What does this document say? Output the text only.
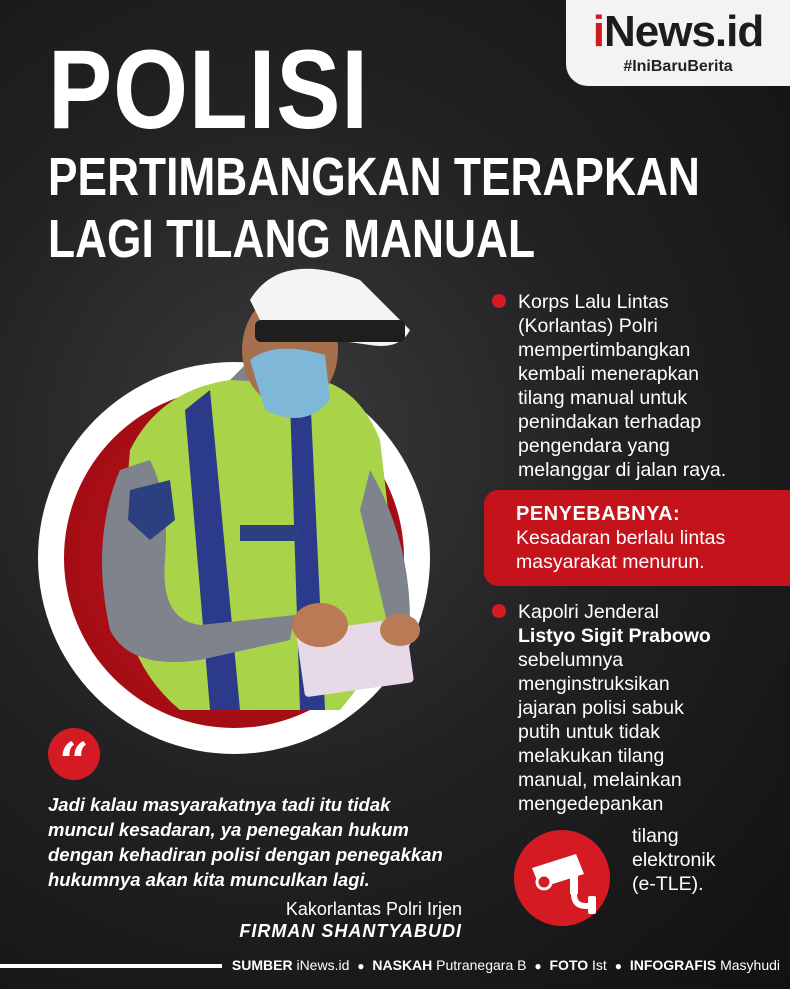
POLISI
PERTIMBANGKAN TERAPKAN
LAGI TILANG MANUAL
iNews.id
#IniBaruBerita
Korps Lalu Lintas
(Korlantas) Polri
mempertimbangkan
kembali menerapkan
tilang manual untuk
penindakan terhadap
pengendara yang
melanggar di jalan raya.
PENYEBABNYA:
Kesadaran berlalu lintas
masyarakat menurun.
Kapolri Jenderal
Listyo Sigit Prabowo
sebelumnya
menginstruksikan
jajaran polisi sabuk
putih untuk tidak
melakukan tilang
manual, melainkan
mengedepankan
tilang
elektronik
(e-TLE).
“
Jadi kalau masyarakatnya tadi itu tidak
muncul kesadaran, ya penegakan hukum
dengan kehadiran polisi dengan penegakkan
hukumnya akan kita munculkan lagi.
Kakorlantas Polri Irjen
FIRMAN SHANTYABUDI
SUMBER iNews.id ● NASKAH Putranegara B ● FOTO Ist ● INFOGRAFIS Masyhudi
